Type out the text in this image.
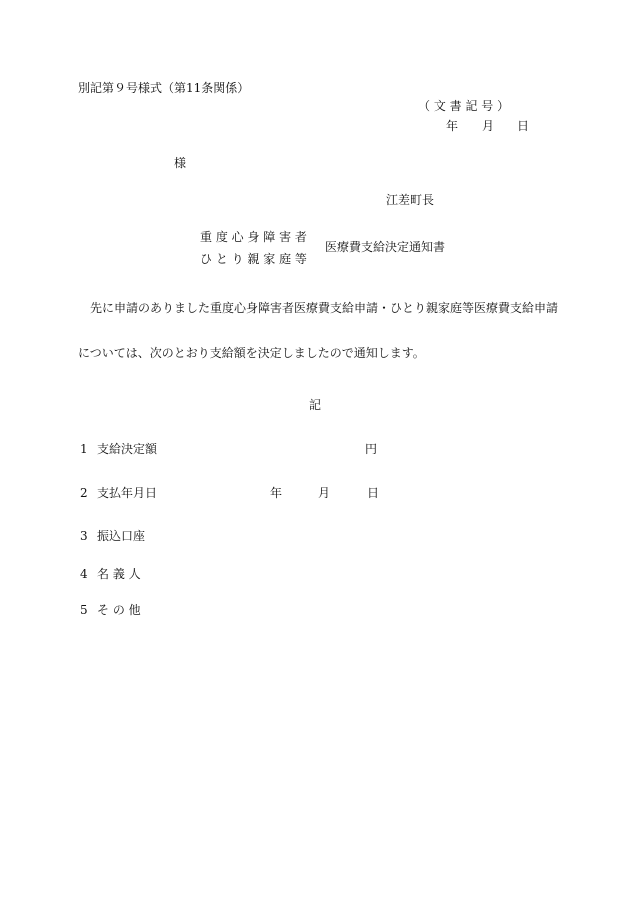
別記第９号様式（第11条関係）
（ 文 書 記 号 ）
年 月 日
様
江差町長
重 度 心 身 障 害 者
ひ と り 親 家 庭 等
医療費支給決定通知書
先に申請のありました重度心身障害者医療費支給申請・ひとり親家庭等医療費支給申請
については、次のとおり支給額を決定しましたので通知します。
記
1 支給決定額	円
2 支払年月日	年	月	日
3 振込口座
4 名 義 人
5 そ の 他
